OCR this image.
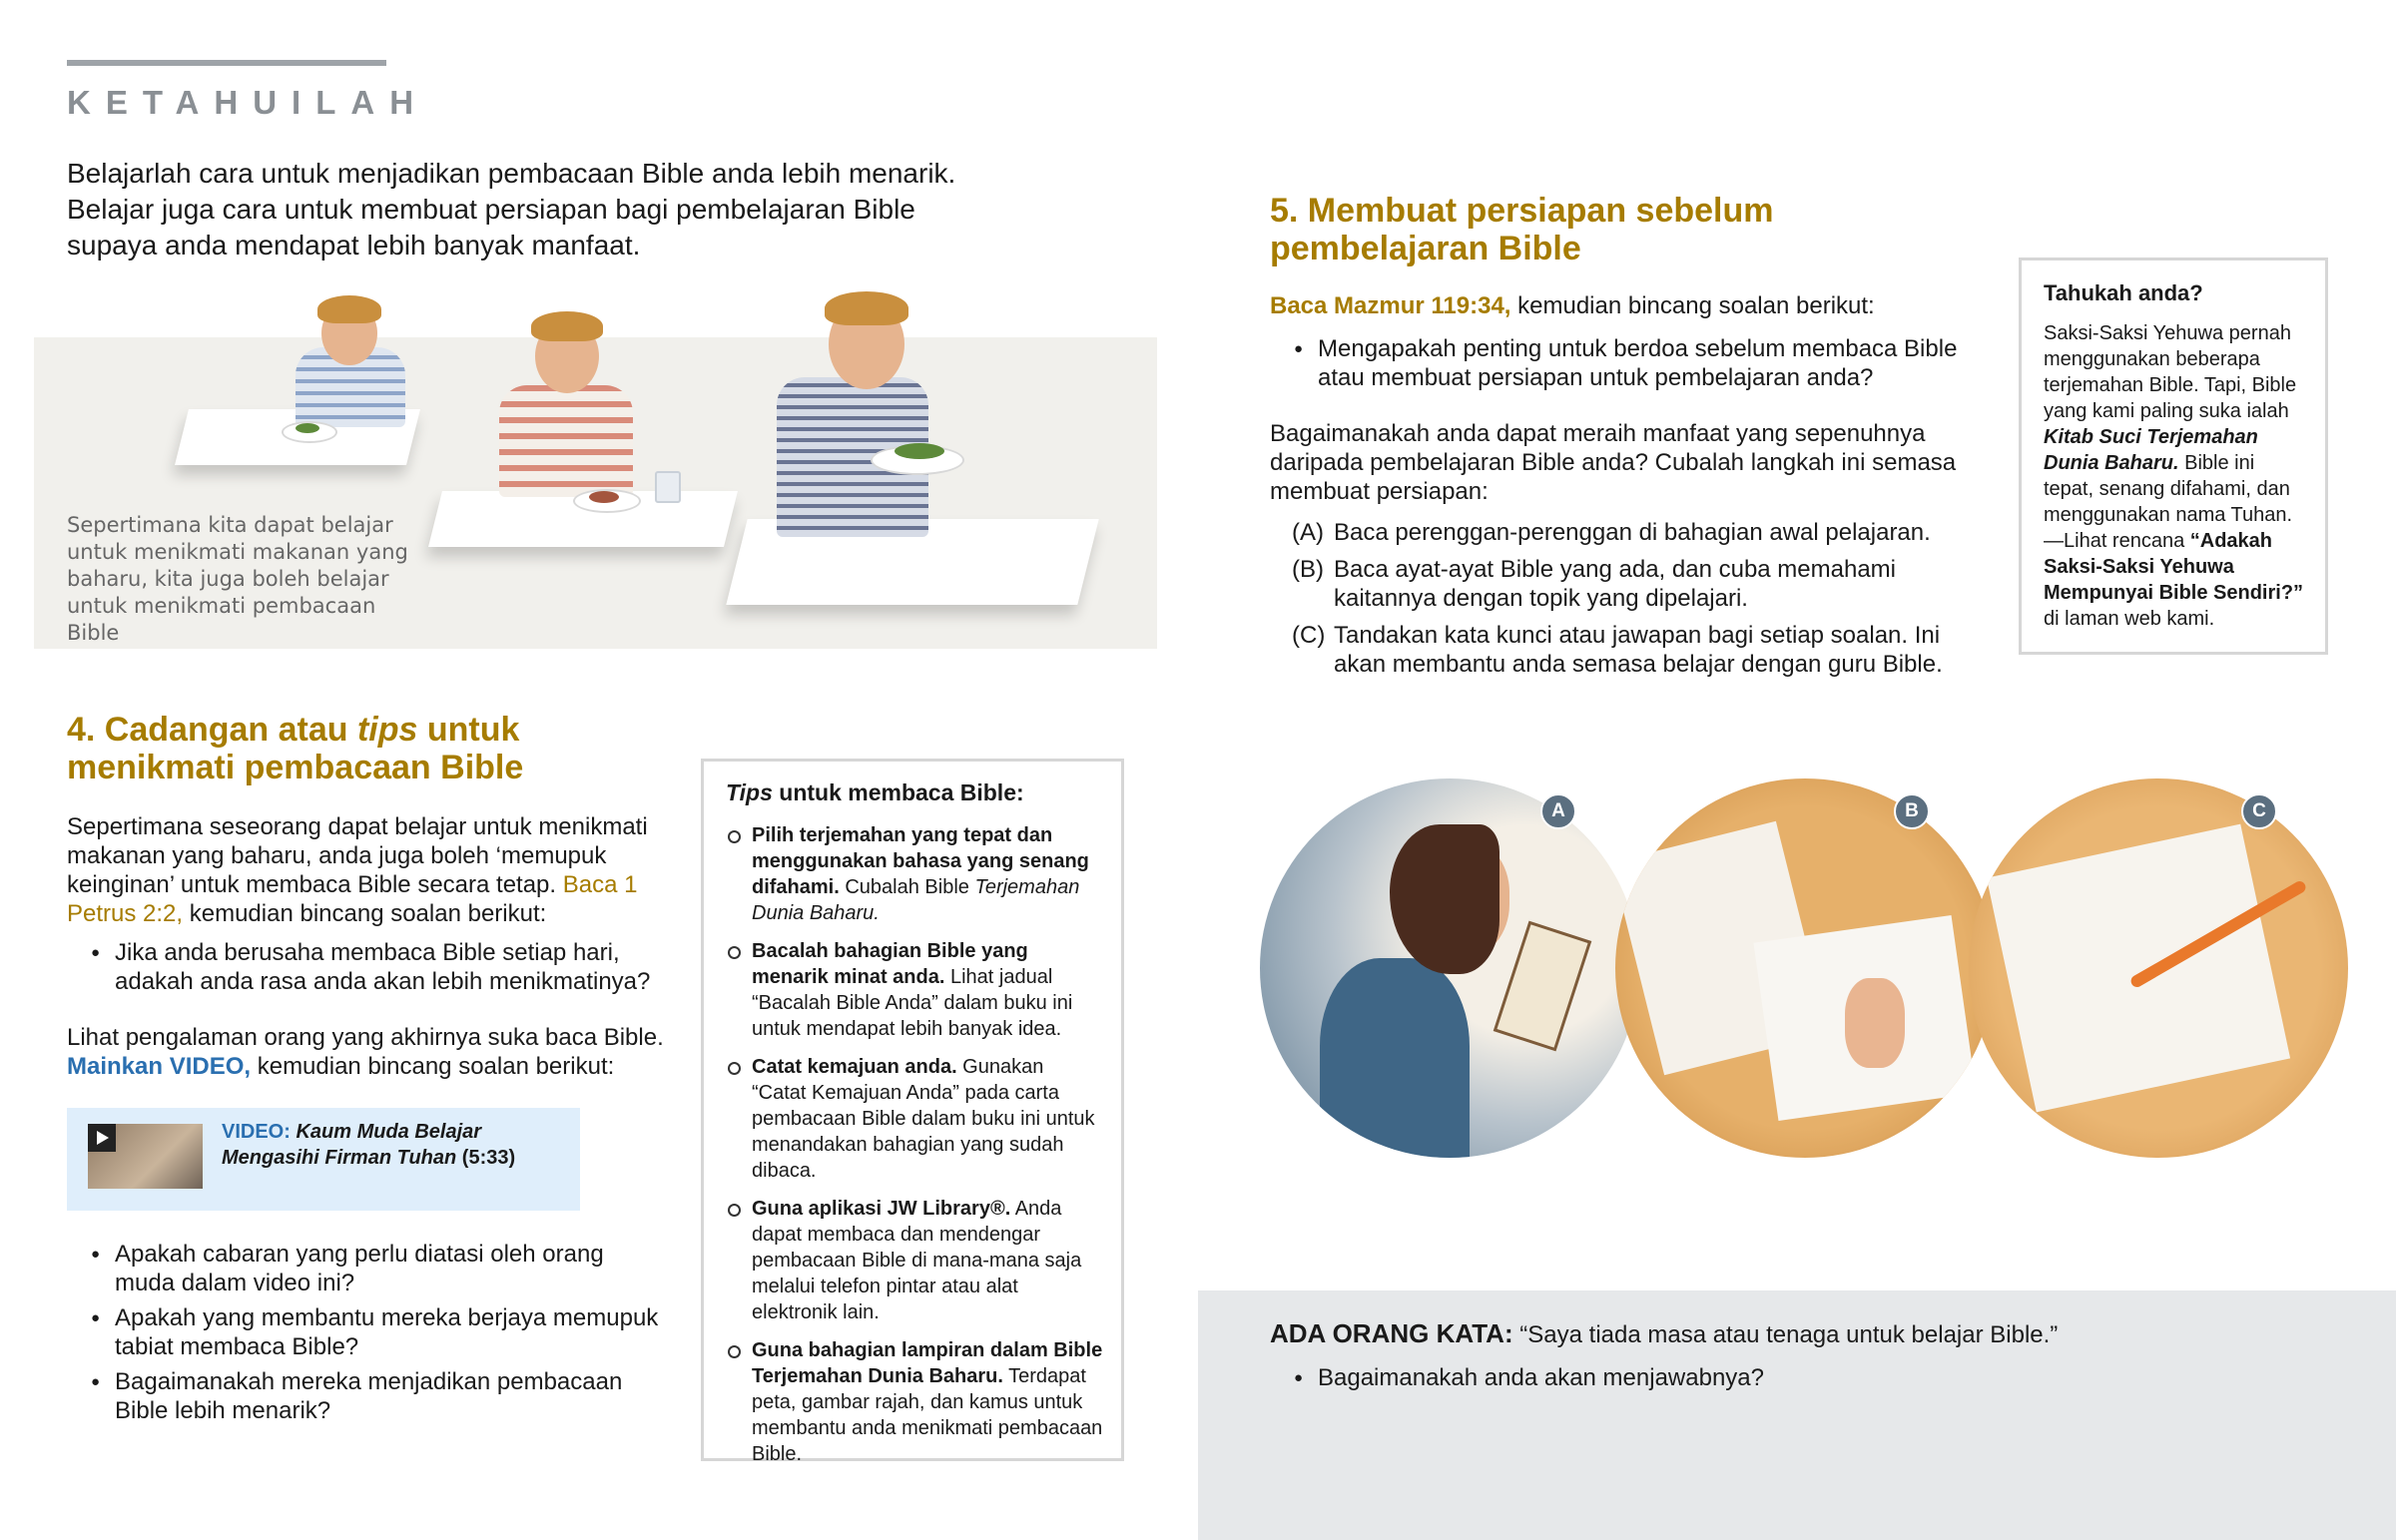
KETAHUILAH
Belajarlah cara untuk menjadikan pembacaan Bible anda lebih menarik. Belajar juga cara untuk membuat persiapan bagi pembelajaran Bible supaya anda mendapat lebih banyak manfaat.
Sepertimana kita dapat belajar untuk menikmati makanan yang baharu, kita juga boleh belajar untuk menikmati pembacaan Bible
4. Cadangan atau tips untuk menikmati pembacaan Bible
Sepertimana seseorang dapat belajar untuk menikmati makanan yang baharu, anda juga boleh ‘memupuk keinginan’ untuk membaca Bible secara tetap. Baca 1 Petrus 2:2, kemudian bincang soalan berikut:
● Jika anda berusaha membaca Bible setiap hari, adakah anda rasa anda akan lebih menikmatinya?
Lihat pengalaman orang yang akhirnya suka baca Bible.
Mainkan VIDEO, kemudian bincang soalan berikut:
VIDEO: Kaum Muda Belajar Mengasihi Firman Tuhan (5:33)
● Apakah cabaran yang perlu diatasi oleh orang muda dalam video ini?
● Apakah yang membantu mereka berjaya memupuk tabiat membaca Bible?
● Bagaimanakah mereka menjadikan pembacaan Bible lebih menarik?
Tips untuk membaca Bible:
Pilih terjemahan yang tepat dan menggunakan bahasa yang senang difahami. Cubalah Bible Terjemahan Dunia Baharu.
Bacalah bahagian Bible yang menarik minat anda. Lihat jadual “Bacalah Bible Anda” dalam buku ini untuk mendapat lebih banyak idea.
Catat kemajuan anda. Gunakan “Catat Kemajuan Anda” pada carta pembacaan Bible dalam buku ini untuk menandakan bahagian yang sudah dibaca.
Guna aplikasi JW Library®. Anda dapat membaca dan mendengar pembacaan Bible di mana-mana saja melalui telefon pintar atau alat elektronik lain.
Guna bahagian lampiran dalam Bible Terjemahan Dunia Baharu. Terdapat peta, gambar rajah, dan kamus untuk membantu anda menikmati pembacaan Bible.
5. Membuat persiapan sebelum pembelajaran Bible
Baca Mazmur 119:34, kemudian bincang soalan berikut:
● Mengapakah penting untuk berdoa sebelum membaca Bible atau membuat persiapan untuk pembelajaran anda?
Bagaimanakah anda dapat meraih manfaat yang sepenuhnya daripada pembelajaran Bible anda? Cubalah langkah ini semasa membuat persiapan:
(A) Baca perenggan-perenggan di bahagian awal pelajaran.
(B) Baca ayat-ayat Bible yang ada, dan cuba memahami kaitannya dengan topik yang dipelajari.
(C) Tandakan kata kunci atau jawapan bagi setiap soalan. Ini akan membantu anda semasa belajar dengan guru Bible.
Tahukah anda?

Saksi-Saksi Yehuwa pernah menggunakan beberapa terjemahan Bible. Tapi, Bible yang kami paling suka ialah Kitab Suci Terjemahan Dunia Baharu. Bible ini tepat, senang difahami, dan menggunakan nama Tuhan. —Lihat rencana “Adakah Saksi-Saksi Yehuwa Mempunyai Bible Sendiri?” di laman web kami.

A	B	C
ADA ORANG KATA: “Saya tiada masa atau tenaga untuk belajar Bible.”
● Bagaimanakah anda akan menjawabnya?
